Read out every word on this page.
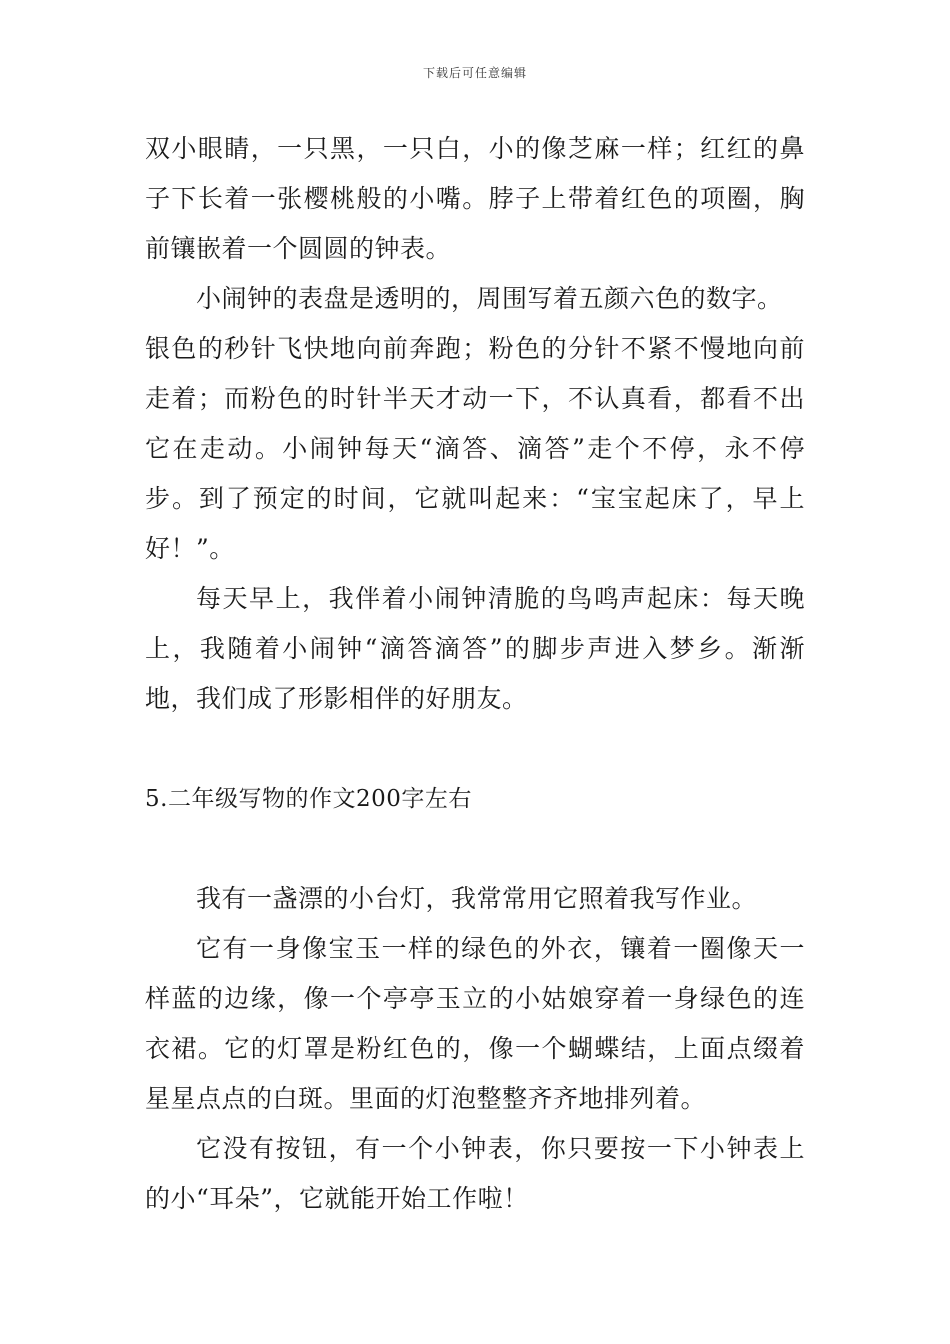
下载后可任意编辑
双小眼睛，一只黑，一只白，小的像芝麻一样；红红的鼻
子下长着一张樱桃般的小嘴。脖子上带着红色的项圈，胸
前镶嵌着一个圆圆的钟表。
小闹钟的表盘是透明的，周围写着五颜六色的数字。
银色的秒针飞快地向前奔跑；粉色的分针不紧不慢地向前
走着；而粉色的时针半天才动一下，不认真看，都看不出
它在走动。小闹钟每天“滴答、滴答”走个不停，永不停
步。到了预定的时间，它就叫起来：“宝宝起床了，早上
好！”。
每天早上，我伴着小闹钟清脆的鸟鸣声起床：每天晚
上，我随着小闹钟“滴答滴答”的脚步声进入梦乡。渐渐
地，我们成了形影相伴的好朋友。
5.二年级写物的作文200字左右
我有一盏漂的小台灯，我常常用它照着我写作业。
它有一身像宝玉一样的绿色的外衣，镶着一圈像天一
样蓝的边缘，像一个亭亭玉立的小姑娘穿着一身绿色的连
衣裙。它的灯罩是粉红色的，像一个蝴蝶结，上面点缀着
星星点点的白斑。里面的灯泡整整齐齐地排列着。
它没有按钮，有一个小钟表，你只要按一下小钟表上
的小“耳朵”，它就能开始工作啦！
